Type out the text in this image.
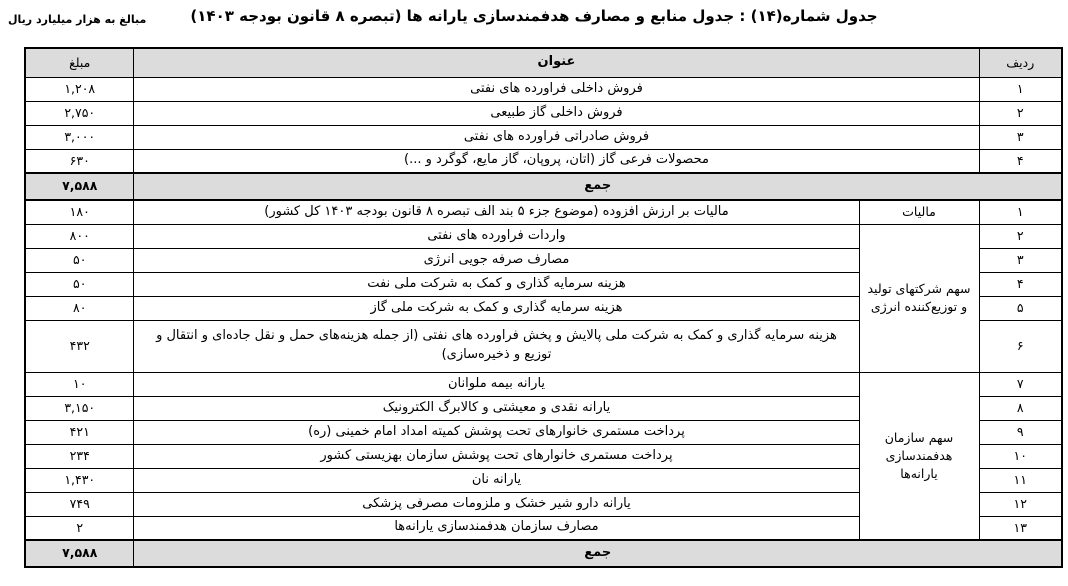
مبالغ به هزار میلیارد ریال	جدول شماره(۱۴) : جدول منابع و مصارف هدفمندسازی یارانه ها (تبصره ۸ قانون بودجه ۱۴۰۳)
ردیف	عنوان		مبلغ
۱	فروش داخلی فراورده های نفتی		۱,۲۰۸
۲	فروش داخلی گاز طبیعی		۲,۷۵۰
۳	فروش صادراتی فراورده های نفتی		۳,۰۰۰
۴	محصولات فرعی گاز (اتان، پروپان، گاز مایع، گوگرد و ...)		۶۳۰
جمع			۷,۵۸۸
۱	مالیات	مالیات بر ارزش افزوده (موضوع جزء ۵ بند الف تبصره ۸ قانون بودجه ۱۴۰۳ کل کشور)	۱۸۰
۲	سهم شرکتهای تولید و توزیع‌کننده انرژی	واردات فراورده های نفتی	۸۰۰
۳		مصارف صرفه جویی انرژی	۵۰
۴		هزینه سرمایه گذاری و کمک به شرکت ملی نفت	۵۰
۵		هزینه سرمایه گذاری و کمک به شرکت ملی گاز	۸۰
۶		هزینه سرمایه گذاری و کمک به شرکت ملی پالایش و پخش فراورده های نفتی (از جمله هزینه‌های حمل و نقل جاده‌ای و انتقال و توزیع و ذخیره‌سازی)	۴۳۲
۷	سهم سازمان هدفمندسازی یارانه‌ها	یارانه بیمه ملوانان	۱۰
۸		یارانه نقدی و معیشتی و کالابرگ الکترونیک	۳,۱۵۰
۹		پرداخت مستمری خانوارهای تحت پوشش کمیته امداد امام خمینی (ره)	۴۲۱
۱۰		پرداخت مستمری خانوارهای تحت پوشش سازمان بهزیستی کشور	۲۳۴
۱۱		یارانه نان	۱,۴۳۰
۱۲		یارانه دارو شیر خشک و ملزومات مصرفی پزشکی	۷۴۹
۱۳		مصارف سازمان هدفمندسازی یارانه‌ها	۲
جمع			۷,۵۸۸
